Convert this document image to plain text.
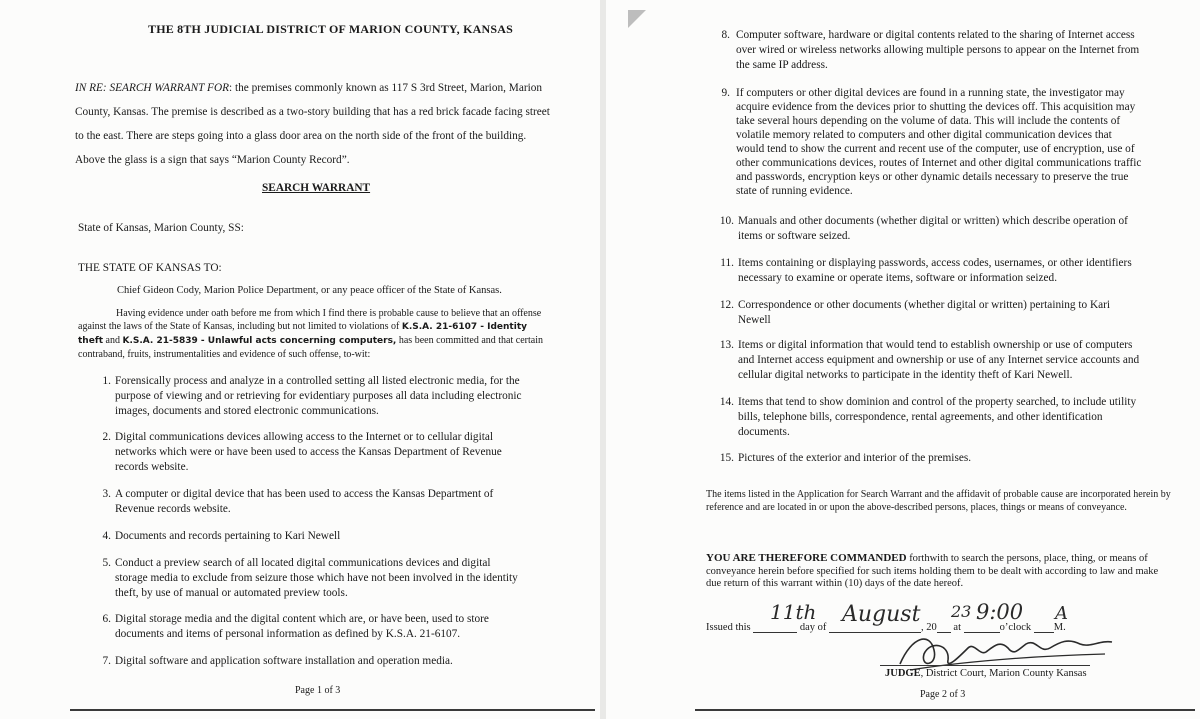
THE 8TH JUDICIAL DISTRICT OF MARION COUNTY, KANSAS

IN RE: SEARCH WARRANT FOR: the premises commonly known as 117 S 3rd Street, Marion, Marion County, Kansas. The premise is described as a two-story building that has a red brick facade facing street to the east. There are steps going into a glass door area on the north side of the front of the building. Above the glass is a sign that says “Marion County Record”.

SEARCH WARRANT

State of Kansas, Marion County, SS:

THE STATE OF KANSAS TO:

Chief Gideon Cody, Marion Police Department, or any peace officer of the State of Kansas.

Having evidence under oath before me from which I find there is probable cause to believe that an offense against the laws of the State of Kansas, including but not limited to violations of K.S.A. 21-6107 - Identity theft and K.S.A. 21-5839 - Unlawful acts concerning computers, has been committed and that certain contraband, fruits, instrumentalities and evidence of such offense, to-wit:

1. Forensically process and analyze in a controlled setting all listed electronic media, for the
purpose of viewing and or retrieving for evidentiary purposes all data including electronic
images, documents and stored electronic communications.
2. Digital communications devices allowing access to the Internet or to cellular digital
networks which were or have been used to access the Kansas Department of Revenue
records website.
3. A computer or digital device that has been used to access the Kansas Department of
Revenue records website.
4. Documents and records pertaining to Kari Newell
5. Conduct a preview search of all located digital communications devices and digital
storage media to exclude from seizure those which have not been involved in the identity
theft, by use of manual or automated preview tools.
6. Digital storage media and the digital content which are, or have been, used to store
documents and items of personal information as defined by K.S.A. 21-6107.
7. Digital software and application software installation and operation media.

Page 1 of 3

8. Computer software, hardware or digital contents related to the sharing of Internet access
over wired or wireless networks allowing multiple persons to appear on the Internet from
the same IP address.
9. If computers or other digital devices are found in a running state, the investigator may
acquire evidence from the devices prior to shutting the devices off. This acquisition may
take several hours depending on the volume of data. This will include the contents of
volatile memory related to computers and other digital communication devices that
would tend to show the current and recent use of the computer, use of encryption, use of
other communications devices, routes of Internet and other digital communications traffic
and passwords, encryption keys or other dynamic details necessary to preserve the true
state of running evidence.
10. Manuals and other documents (whether digital or written) which describe operation of
items or software seized.
11. Items containing or displaying passwords, access codes, usernames, or other identifiers
necessary to examine or operate items, software or information seized.
12. Correspondence or other documents (whether digital or written) pertaining to Kari
Newell
13. Items or digital information that would tend to establish ownership or use of computers
and Internet access equipment and ownership or use of any Internet service accounts and
cellular digital networks to participate in the identity theft of Kari Newell.
14. Items that tend to show dominion and control of the property searched, to include utility
bills, telephone bills, correspondence, rental agreements, and other identification
documents.
15. Pictures of the exterior and interior of the premises.

The items listed in the Application for Search Warrant and the affidavit of probable cause are incorporated herein by reference and are located in or upon the above-described persons, places, things or means of conveyance.

YOU ARE THEREFORE COMMANDED forthwith to search the persons, place, thing, or means of conveyance herein before specified for such items holding them to be dealt with according to law and make due return of this warrant within (10) days of the date hereof.

Issued this	day of	, 20 at	o’clock M.

11th August 23 9:00 A

JUDGE, District Court, Marion County Kansas

Page 2 of 3
